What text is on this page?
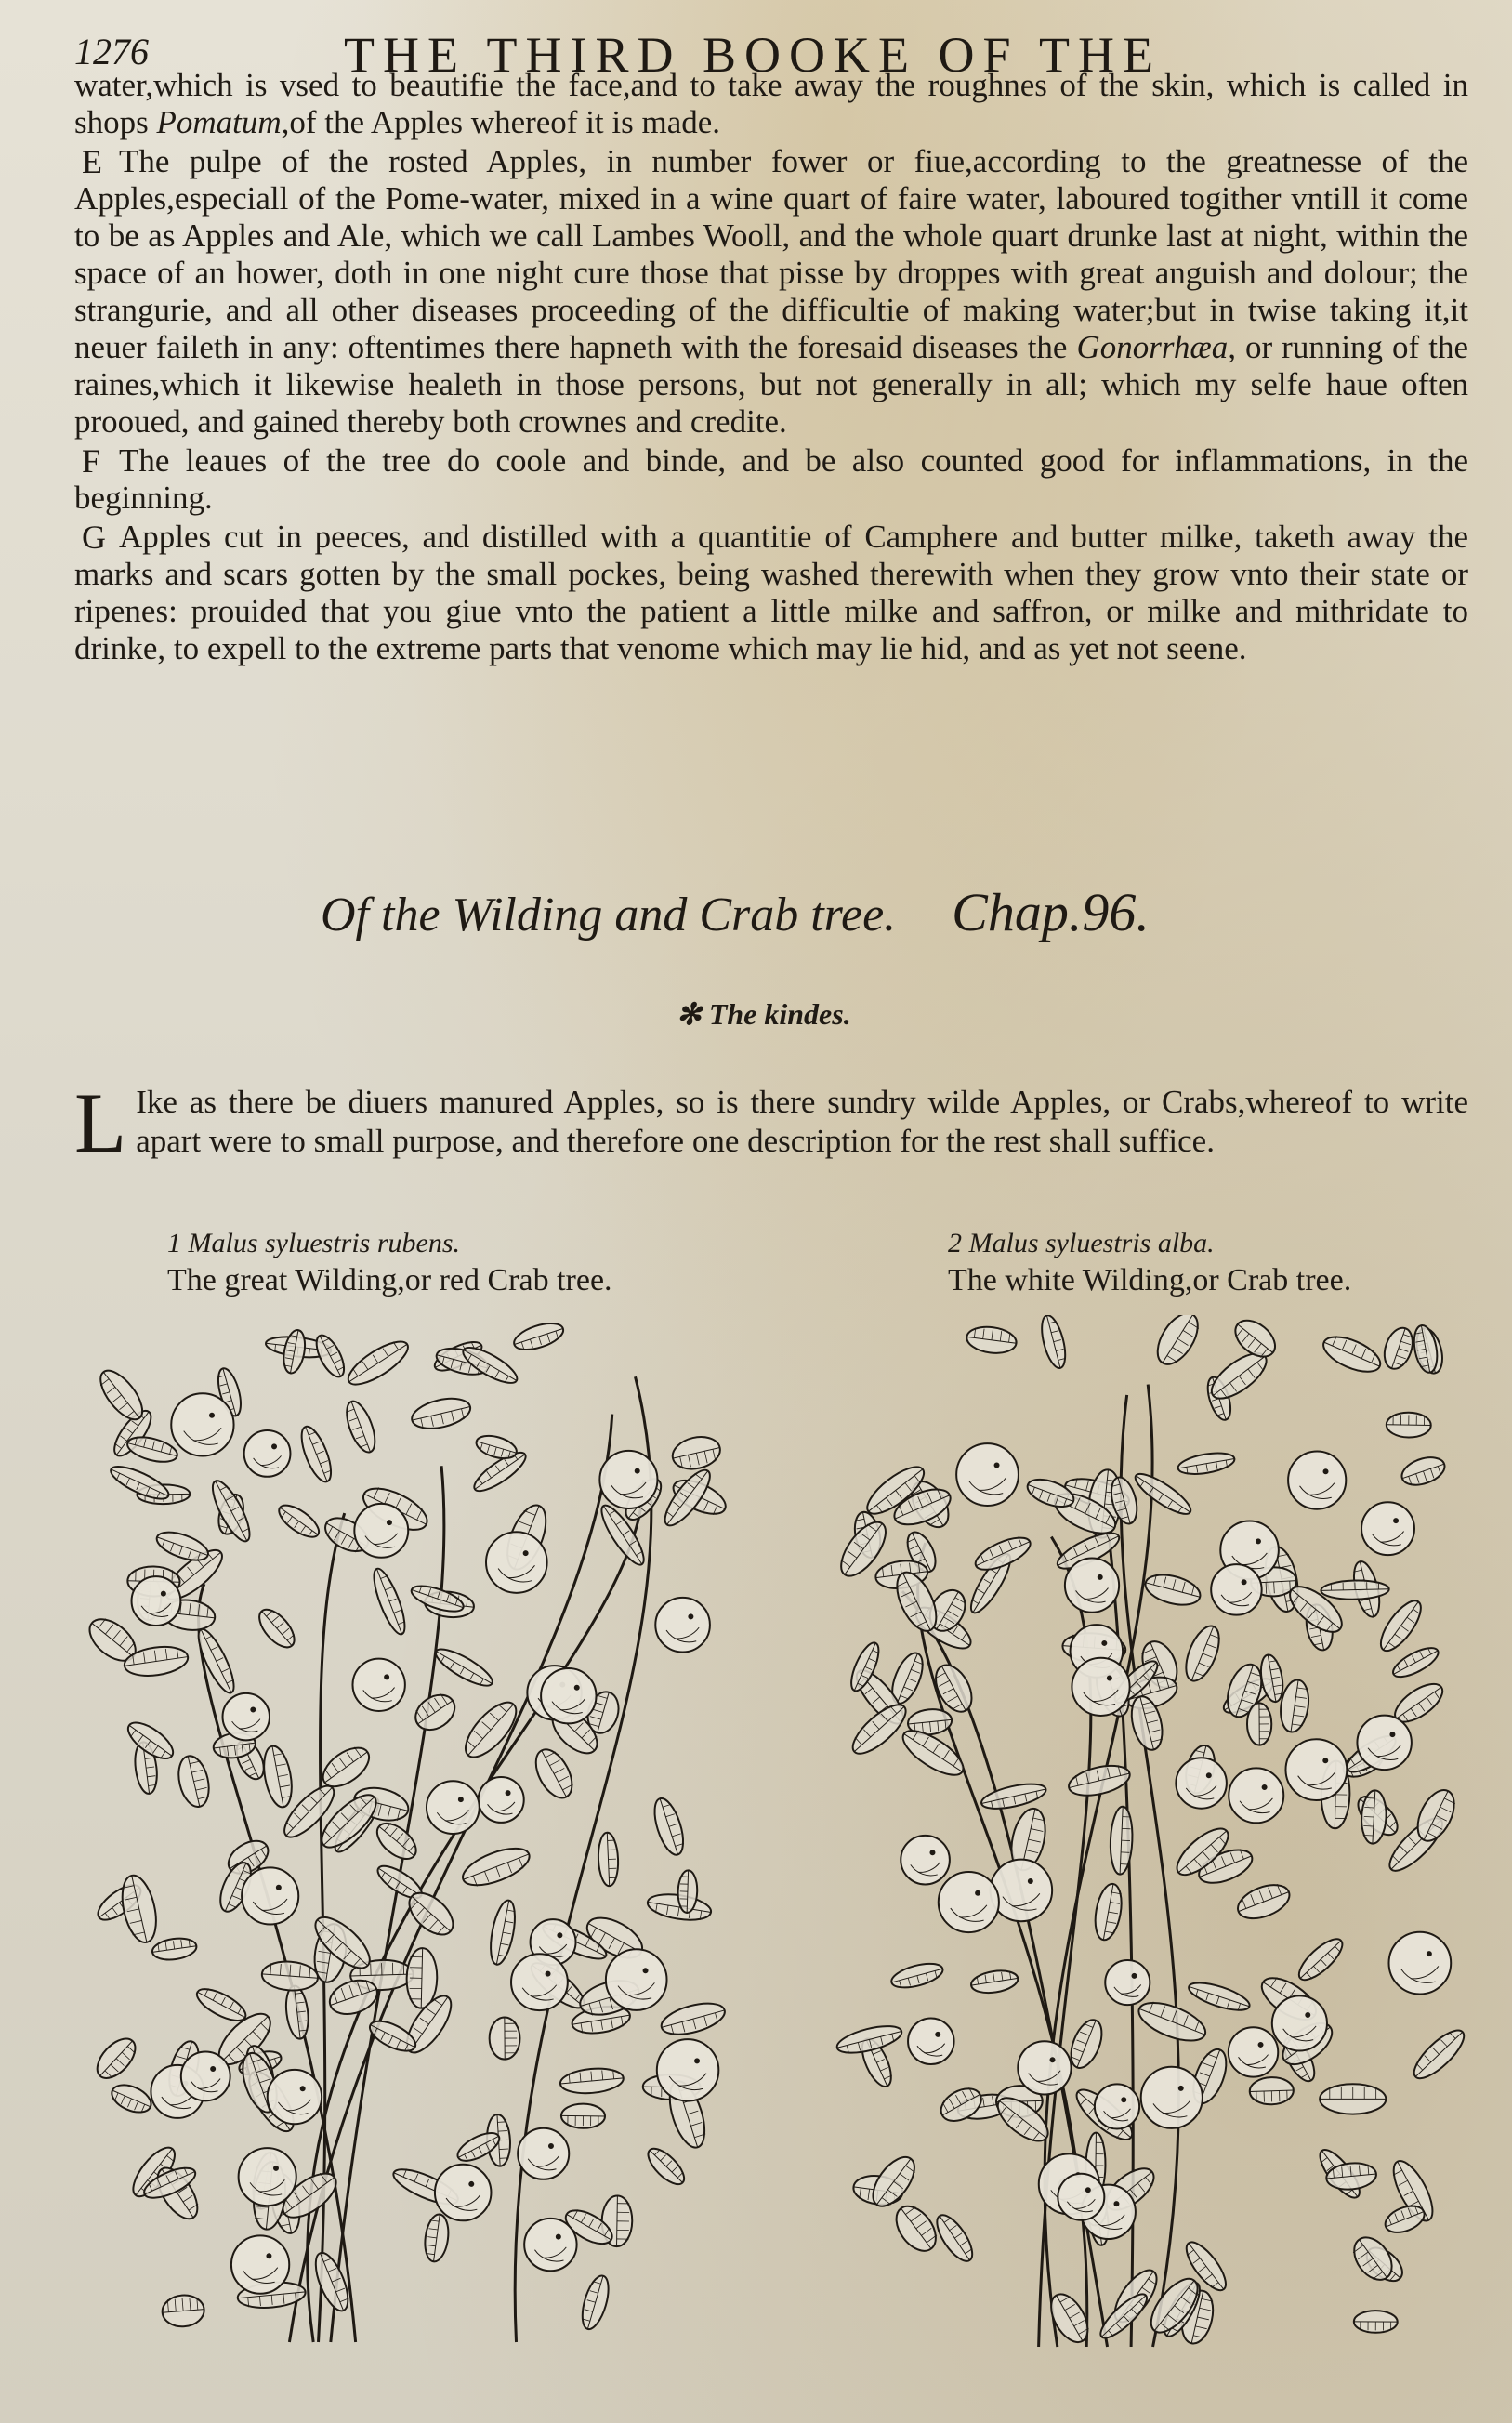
1276	THE THIRD BOOKE OF THE

water,which is vsed to beautifie the face,and to take away the roughnes of the skin, which is called in shops Pomatum,of the Apples whereof it is made.

E The pulpe of the rosted Apples, in number fower or fiue,according to the greatnesse of the Apples,especiall of the Pome-water, mixed in a wine quart of faire water, laboured togither vntill it come to be as Apples and Ale, which we call Lambes Wooll, and the whole quart drunke last at night, within the space of an hower, doth in one night cure those that pisse by droppes with great anguish and dolour; the strangurie, and all other diseases proceeding of the difficultie of making water;but in twise taking it,it neuer faileth in any: oftentimes there hapneth with the foresaid diseases the Gonorrhæa, or running of the raines,which it likewise healeth in those persons, but not generally in all; which my selfe haue often prooued, and gained thereby both crownes and credite.

F The leaues of the tree do coole and binde, and be also counted good for inflammations, in the beginning.

G Apples cut in peeces, and distilled with a quantitie of Camphere and butter milke, taketh away the marks and scars gotten by the small pockes, being washed therewith when they grow vnto their state or ripenes: prouided that you giue vnto the patient a little milke and saffron, or milke and mithridate to drinke, to expell to the extreme parts that venome which may lie hid, and as yet not seene.

Of the Wilding and Crab tree. Chap.96.
✻ The kindes.
L Ike as there be diuers manured Apples, so is there sundry wilde Apples, or Crabs,whereof to write apart were to small purpose, and therefore one description for the rest shall suffice.
1 Malus syluestris rubens.
The great Wilding,or red Crab tree.
2 Malus syluestris alba.
The white Wilding,or Crab tree.
